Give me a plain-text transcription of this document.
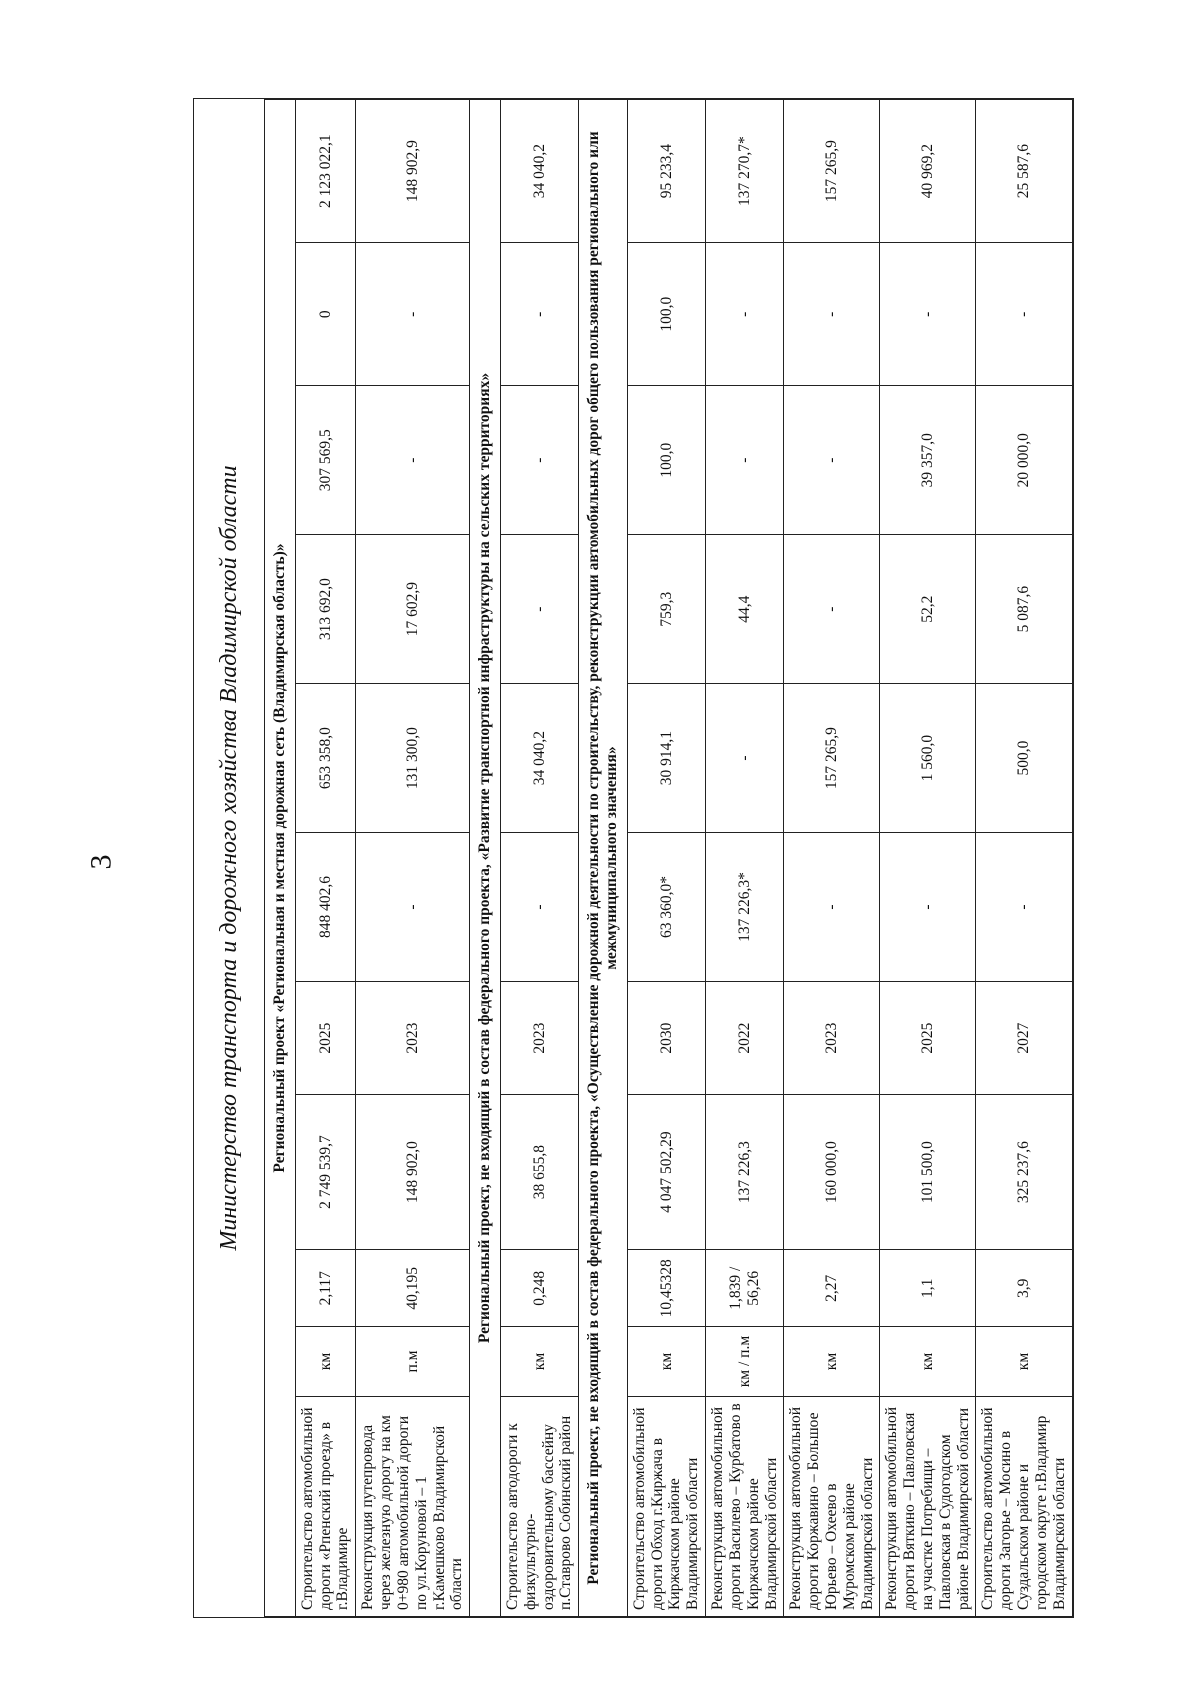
3	Министерство транспорта и дорожного хозяйства Владимирской области	Региональный проект «Региональная и местная дорожная сеть (Владимирская область)»										
Строительство автомобильной дороги «Рпенский проезд» в г.Владимире	км	2,117	2 749 539,7	2025	848 402,6	653 358,0	313 692,0	307 569,5	0	2 123 022,1
Реконструкция путепровода через железную дорогу на км 0+980 автомобильной дороги по ул.Коруновой – 1 г.Камешково Владимирской области	п.м	40,195	148 902,0	2023	-	131 300,0	17 602,9	-	-	148 902,9
Региональный проект, не входящий в состав федерального проекта, «Развитие транспортной инфраструктуры на сельских территориях»										
Строительство автодороги к физкультурно-оздоровительному бассейну п.Ставрово Собинский район	км	0,248	38 655,8	2023	-	34 040,2	-	-	-	34 040,2
Региональный проект, не входящий в состав федерального проекта, «Осуществление дорожной деятельности по строительству, реконструкции автомобильных дорог общего пользования регионального или межмуниципального значения»										
Строительство автомобильной дороги Обход г.Киржача в Киржачском районе Владимирской области	км	10,45328	4 047 502,29	2030	63 360,0*	30 914,1	759,3	100,0	100,0	95 233,4
Реконструкция автомобильной дороги Василево – Курбатово в Киржачском районе Владимирской области	км / п.м	1,839 / 56,26	137 226,3	2022	137 226,3*	-	44,4	-	-	137 270,7*
Реконструкция автомобильной дороги Коржавино – Большое Юрьево – Охеево в Муромском районе Владимирской области	км	2,27	160 000,0	2023	-	157 265,9	-	-	-	157 265,9
Реконструкция автомобильной дороги Вяткино – Павловская на участке Потребищи – Павловская в Судогодском районе Владимирской области	км	1,1	101 500,0	2025	-	1 560,0	52,2	39 357,0	-	40 969,2
Строительство автомобильной дороги Загорье – Мосино в Суздальском районе и городском округе г.Владимир Владимирской области	км	3,9	325 237,6	2027	-	500,0	5 087,6	20 000,0	-	25 587,6
